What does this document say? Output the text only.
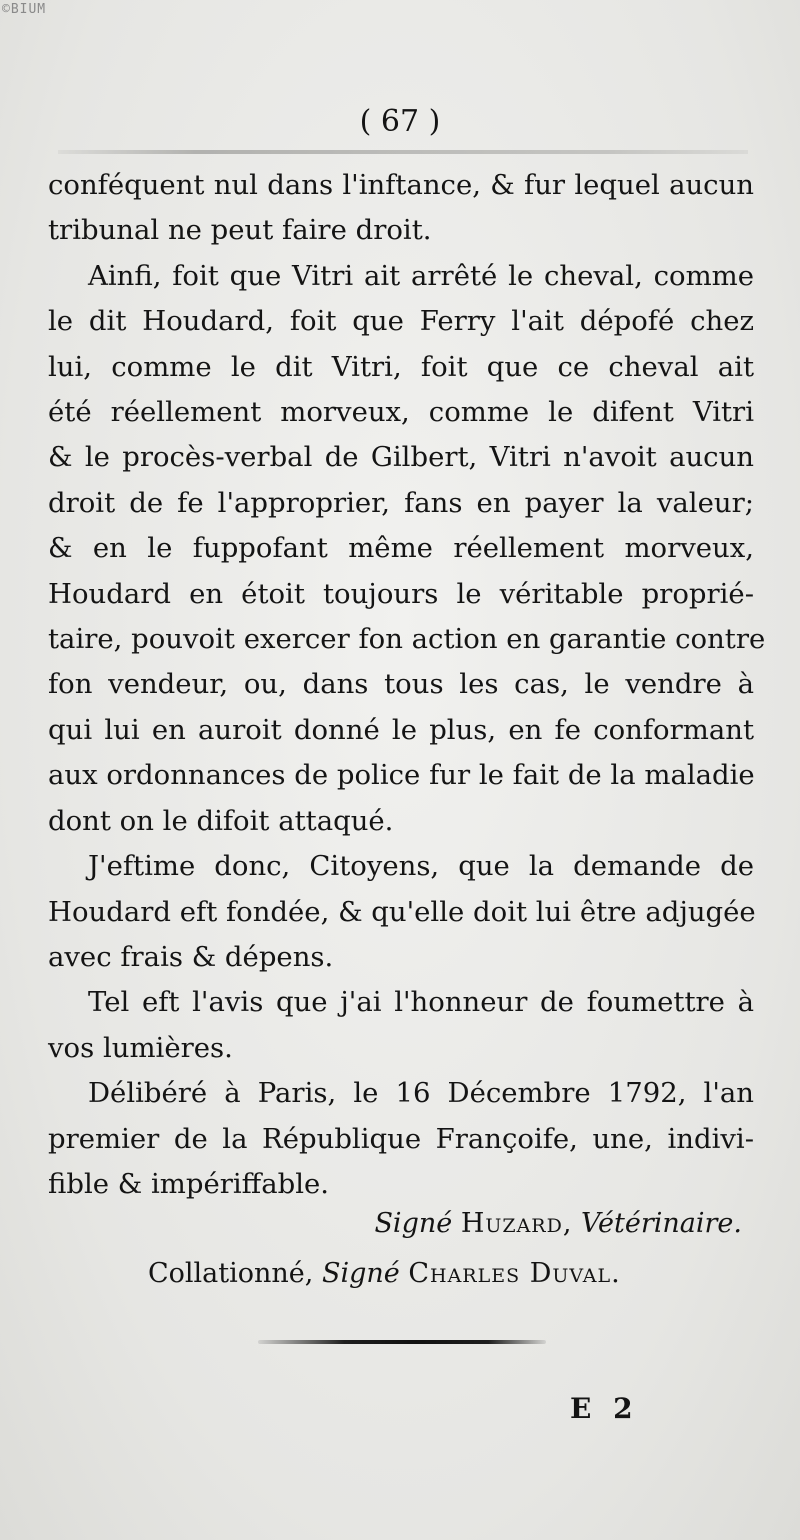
©BIUM
( 67 )
conféquent nul dans l'inftance, & fur lequel aucun
tribunal ne peut faire droit.
Ainfi, foit que Vitri ait arrêté le cheval, comme
le dit Houdard, foit que Ferry l'ait dépofé chez
lui, comme le dit Vitri, foit que ce cheval ait
été réellement morveux, comme le difent Vitri
& le procès-verbal de Gilbert, Vitri n'avoit aucun
droit de fe l'approprier, fans en payer la valeur;
& en le fuppofant même réellement morveux,
Houdard en étoit toujours le véritable proprié-
taire, pouvoit exercer fon action en garantie contre
fon vendeur, ou, dans tous les cas, le vendre à
qui lui en auroit donné le plus, en fe conformant
aux ordonnances de police fur le fait de la maladie
dont on le difoit attaqué.
J'eftime donc, Citoyens, que la demande de
Houdard eft fondée, & qu'elle doit lui être adjugée
avec frais & dépens.
Tel eft l'avis que j'ai l'honneur de foumettre à
vos lumières.
Délibéré à Paris, le 16 Décembre 1792, l'an
premier de la République Françoife, une, indivi-
fible & impériffable.
Signé Huzard, Vétérinaire.
Collationné, Signé Charles Duval.
E 2
